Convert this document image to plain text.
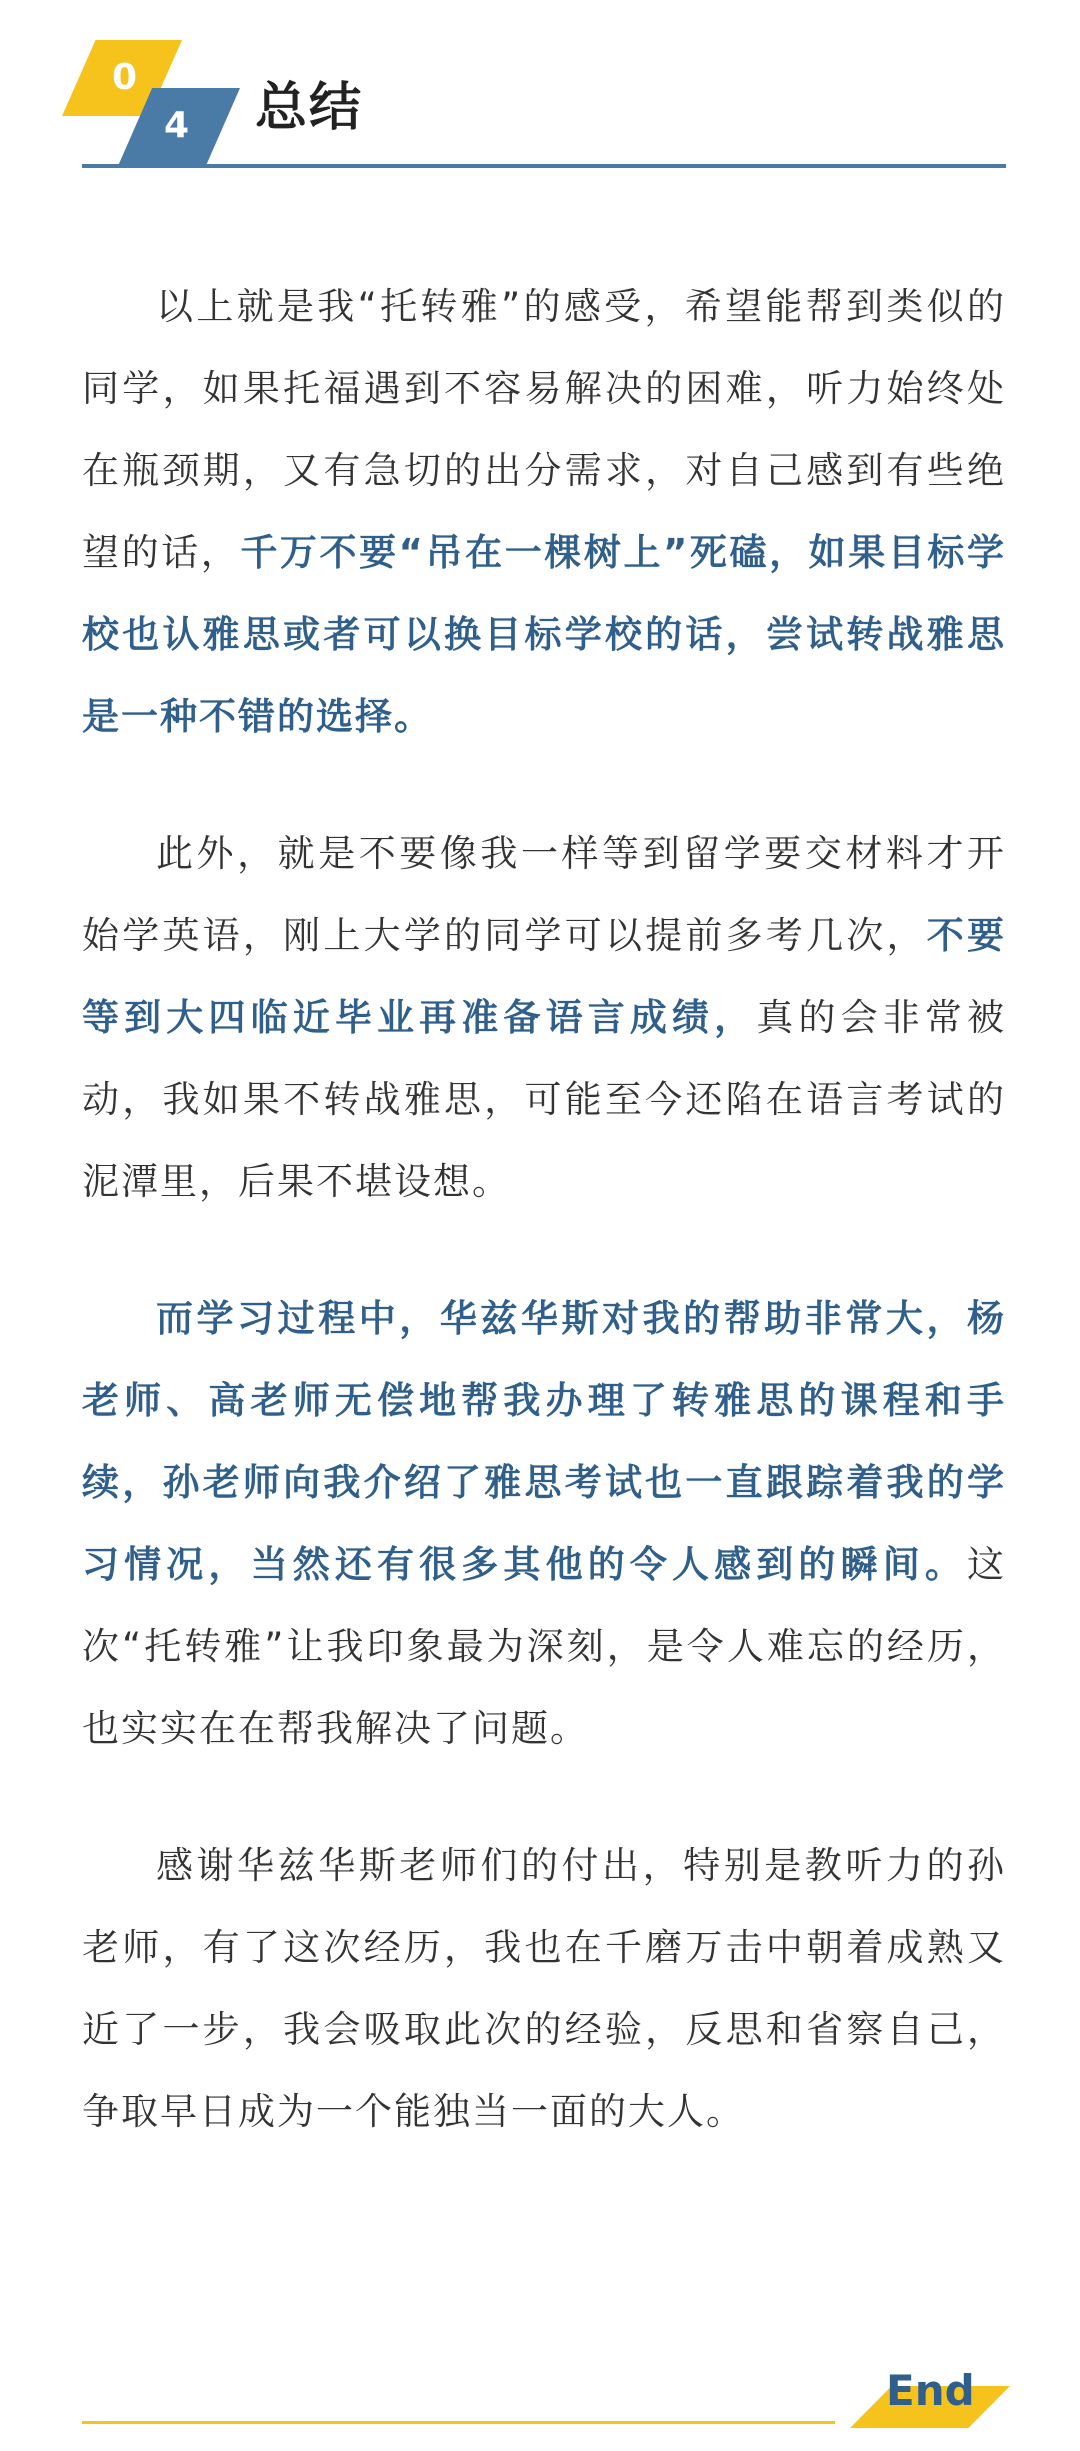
0
4 总结

以上就是我“托转雅”的感受，希望能帮到类似的同学，如果托福遇到不容易解决的困难，听力始终处在瓶颈期，又有急切的出分需求，对自己感到有些绝望的话，千万不要“吊在一棵树上”死磕，如果目标学校也认雅思或者可以换目标学校的话，尝试转战雅思是一种不错的选择。

此外，就是不要像我一样等到留学要交材料才开始学英语，刚上大学的同学可以提前多考几次，不要等到大四临近毕业再准备语言成绩，真的会非常被动，我如果不转战雅思，可能至今还陷在语言考试的泥潭里，后果不堪设想。

而学习过程中，华兹华斯对我的帮助非常大，杨老师、高老师无偿地帮我办理了转雅思的课程和手续，孙老师向我介绍了雅思考试也一直跟踪着我的学习情况，当然还有很多其他的令人感到的瞬间。这次“托转雅”让我印象最为深刻，是令人难忘的经历，也实实在在帮我解决了问题。

感谢华兹华斯老师们的付出，特别是教听力的孙老师，有了这次经历，我也在千磨万击中朝着成熟又近了一步，我会吸取此次的经验，反思和省察自己，争取早日成为一个能独当一面的大人。

End
